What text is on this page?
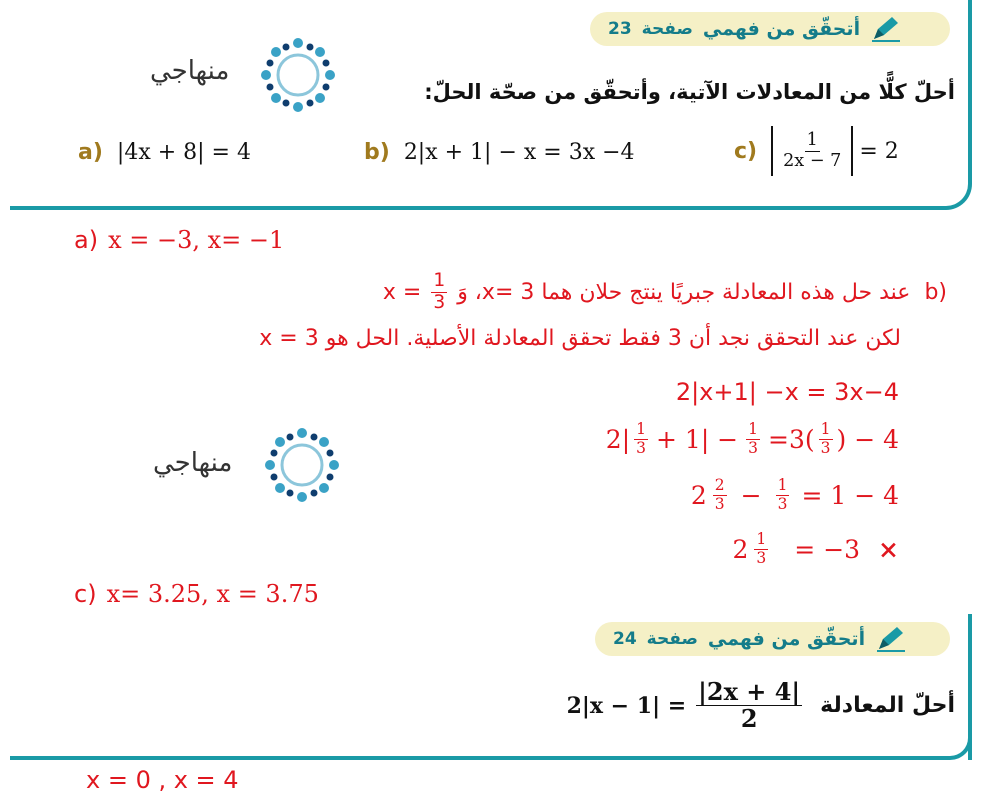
أتحقّق من فهمي
صفحة
23
منهاجي
أحلّ كلًّا من المعادلات الآتية، وأتحقّق من صحّة الحلّ:
a) |4x + 8| = 4	b) 2|x + 1| − x = 3x −4	$c) \frac{1}{2x - 7} = 2$
a) x = −3, x= −1
$x = \frac{1}{3}$ عند حل هذه المعادلة جبريًا ينتج حلان هما 3 =x، وَ b)
لكن عند التحقق نجد أن 3 فقط تحقق المعادلة الأصلية. الحل هو 3 = x
2|x+1| −x = 3x−4
$2| \frac{1}{3} + 1| - \frac{1}{3} =3( \frac{1}{3}$ ) − 4
$2 \frac{2}{3} - \frac{1}{3} = 1 - 4$
$2 \frac{1}{3} = -3$ ×
منهاجي
c) x= 3.25, x = 3.75
أتحقّق من فهمي
صفحة
24
$2|x - 1| = \frac{|2x + 4|}{2}$ أحلّ المعادلة
x = 0 , x = 4
